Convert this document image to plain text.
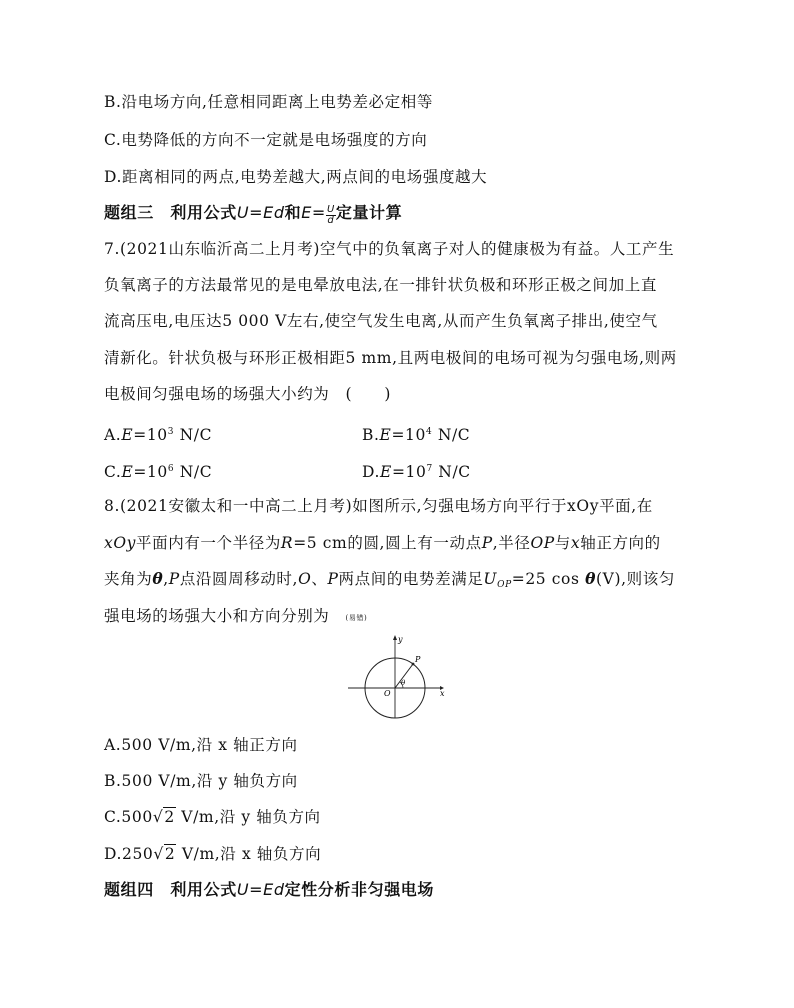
B.沿电场方向,任意相同距离上电势差必定相等
C.电势降低的方向不一定就是电场强度的方向
D.距离相同的两点,电势差越大,两点间的电场强度越大
题组三　利用公式U=Ed和$E= \frac{U}{d}$ 定量计算
7.(2021山东临沂高二上月考)空气中的负氧离子对人的健康极为有益。人工产生
负氧离子的方法最常见的是电晕放电法,在一排针状负极和环形正极之间加上直
流高压电,电压达5 000 V左右,使空气发生电离,从而产生负氧离子排出,使空气
清新化。针状负极与环形正极相距5 mm,且两电极间的电场可视为匀强电场,则两
电极间匀强电场的场强大小约为　(　　)
$A.E=10^3$ N/C	$B.E=10^4$ N/C
$C.E=10^6$ N/C	$D.E=10^7$ N/C
8.(2021安徽太和一中高二上月考)如图所示,匀强电场方向平行于xOy平面,在
xOy平面内有一个半径为R=5 cm的圆,圆上有一动点P,半径OP与x轴正方向的
夹角为θ,P点沿圆周移动时,O、P两点间的电势差满足$U_{OP}=25$ cos θ(V),则该匀
强电场的场强大小和方向分别为　(易错)
y
x
O
P
θ
A.500 V/m,沿 x 轴正方向
B.500 V/m,沿 y 轴负方向
C.500√2 V/m,沿 y 轴负方向
D.250√2 V/m,沿 x 轴负方向
题组四　利用公式U=Ed定性分析非匀强电场
